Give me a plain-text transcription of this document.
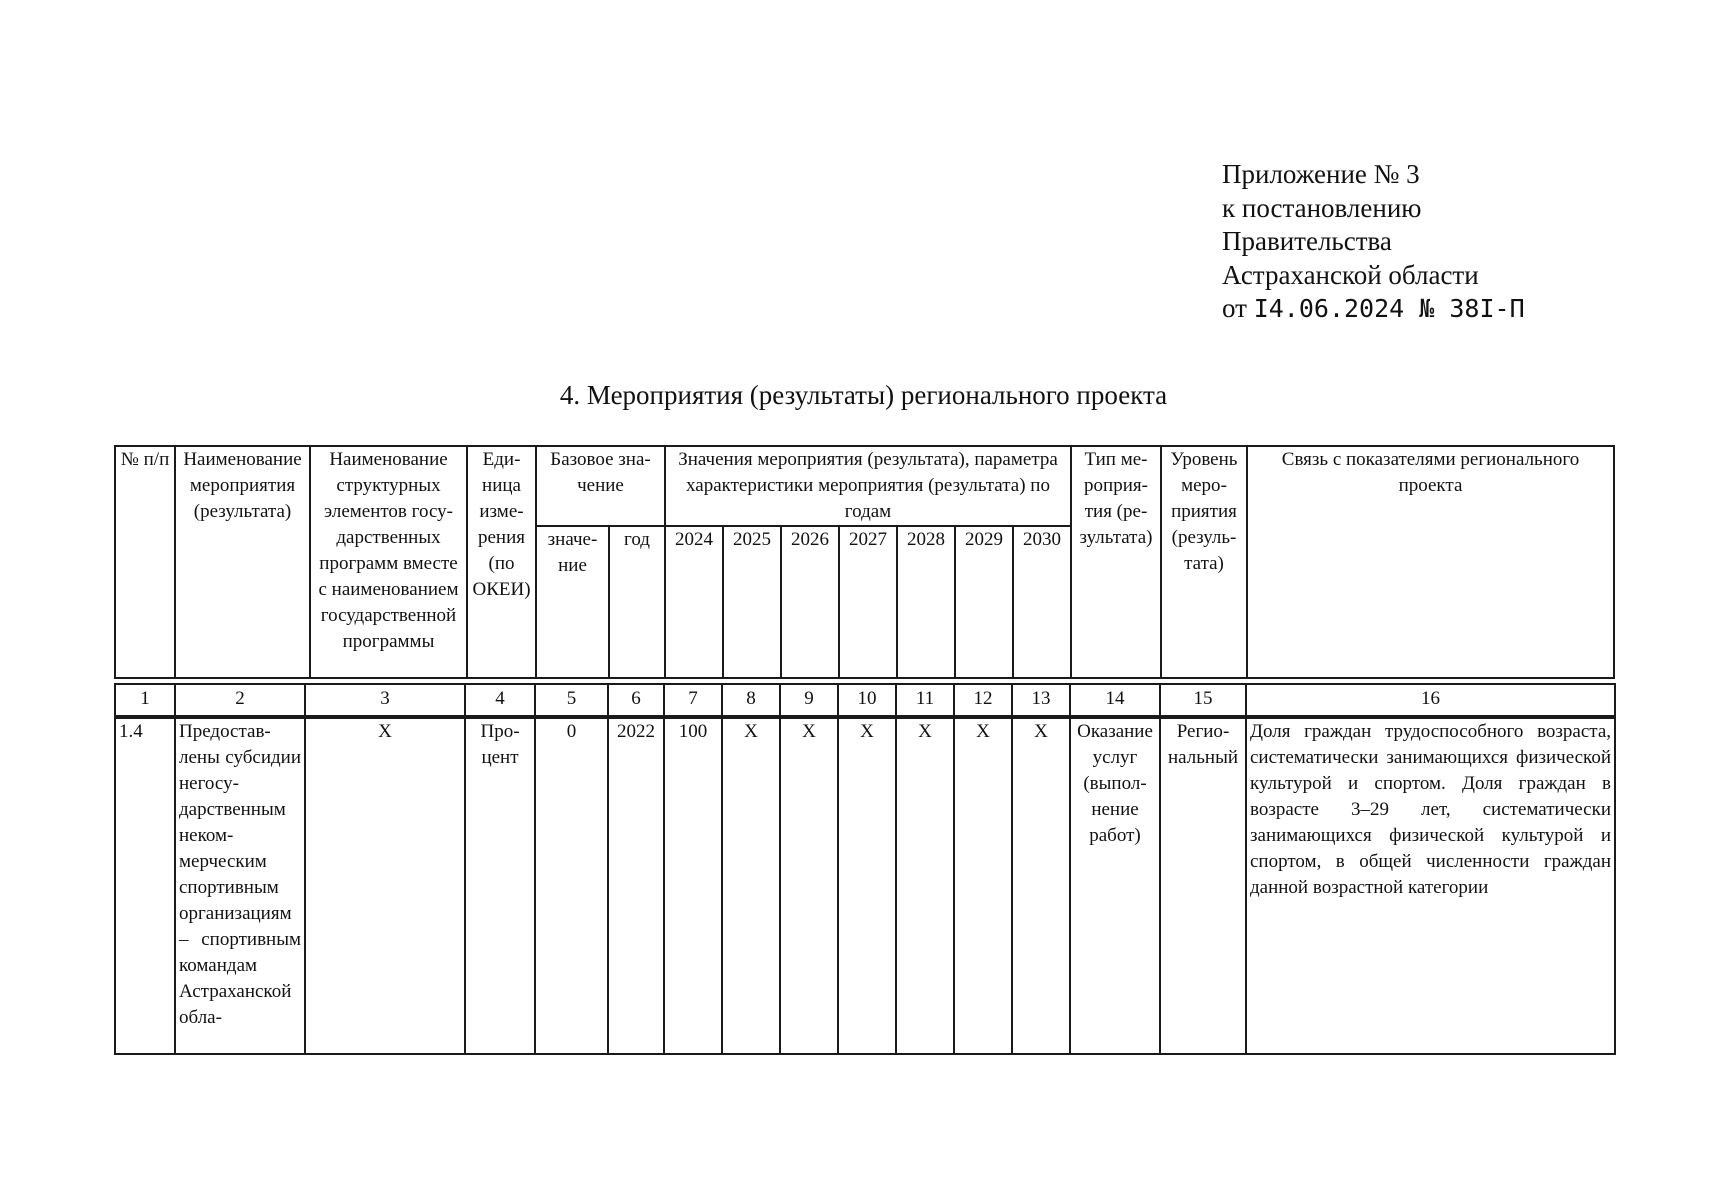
Приложение № 3
к постановлению
Правительства
Астраханской области
от I4.06.2024 № 38I-П
4. Мероприятия (результаты) регионального проекта
№ п/п	Наименование мероприятия (результата)	Наименование структурных элементов государственных программ вместе с наименованием государственной программы	Единица измерения (по ОКЕИ)	Базовое значение		Значения мероприятия (результата), параметра характеристики мероприятия (результата) по годам							Тип мероприятия (результата)	Уровень мероприятия (результата)	Связь с показателями регионального проекта
				значение	год	2024	2025	2026	2027	2028	2029	2030			
1	2	3	4	5	6	7	8	9	10	11	12	13	14	15	16
1.4	Предоставлены субсидии негосударственным некоммерческим спортивным организациям – спортивным командам Астраханской обла-	Х	Процент	0	2022	100	Х	Х	Х	Х	Х	Х	Оказание услуг (выполнение работ)	Региональный	Доля граждан трудоспособного возраста, систематически занимающихся физической культурой и спортом. Доля граждан в возрасте 3–29 лет, систематически занимающихся физической культурой и спортом, в общей численности граждан данной возрастной категории
